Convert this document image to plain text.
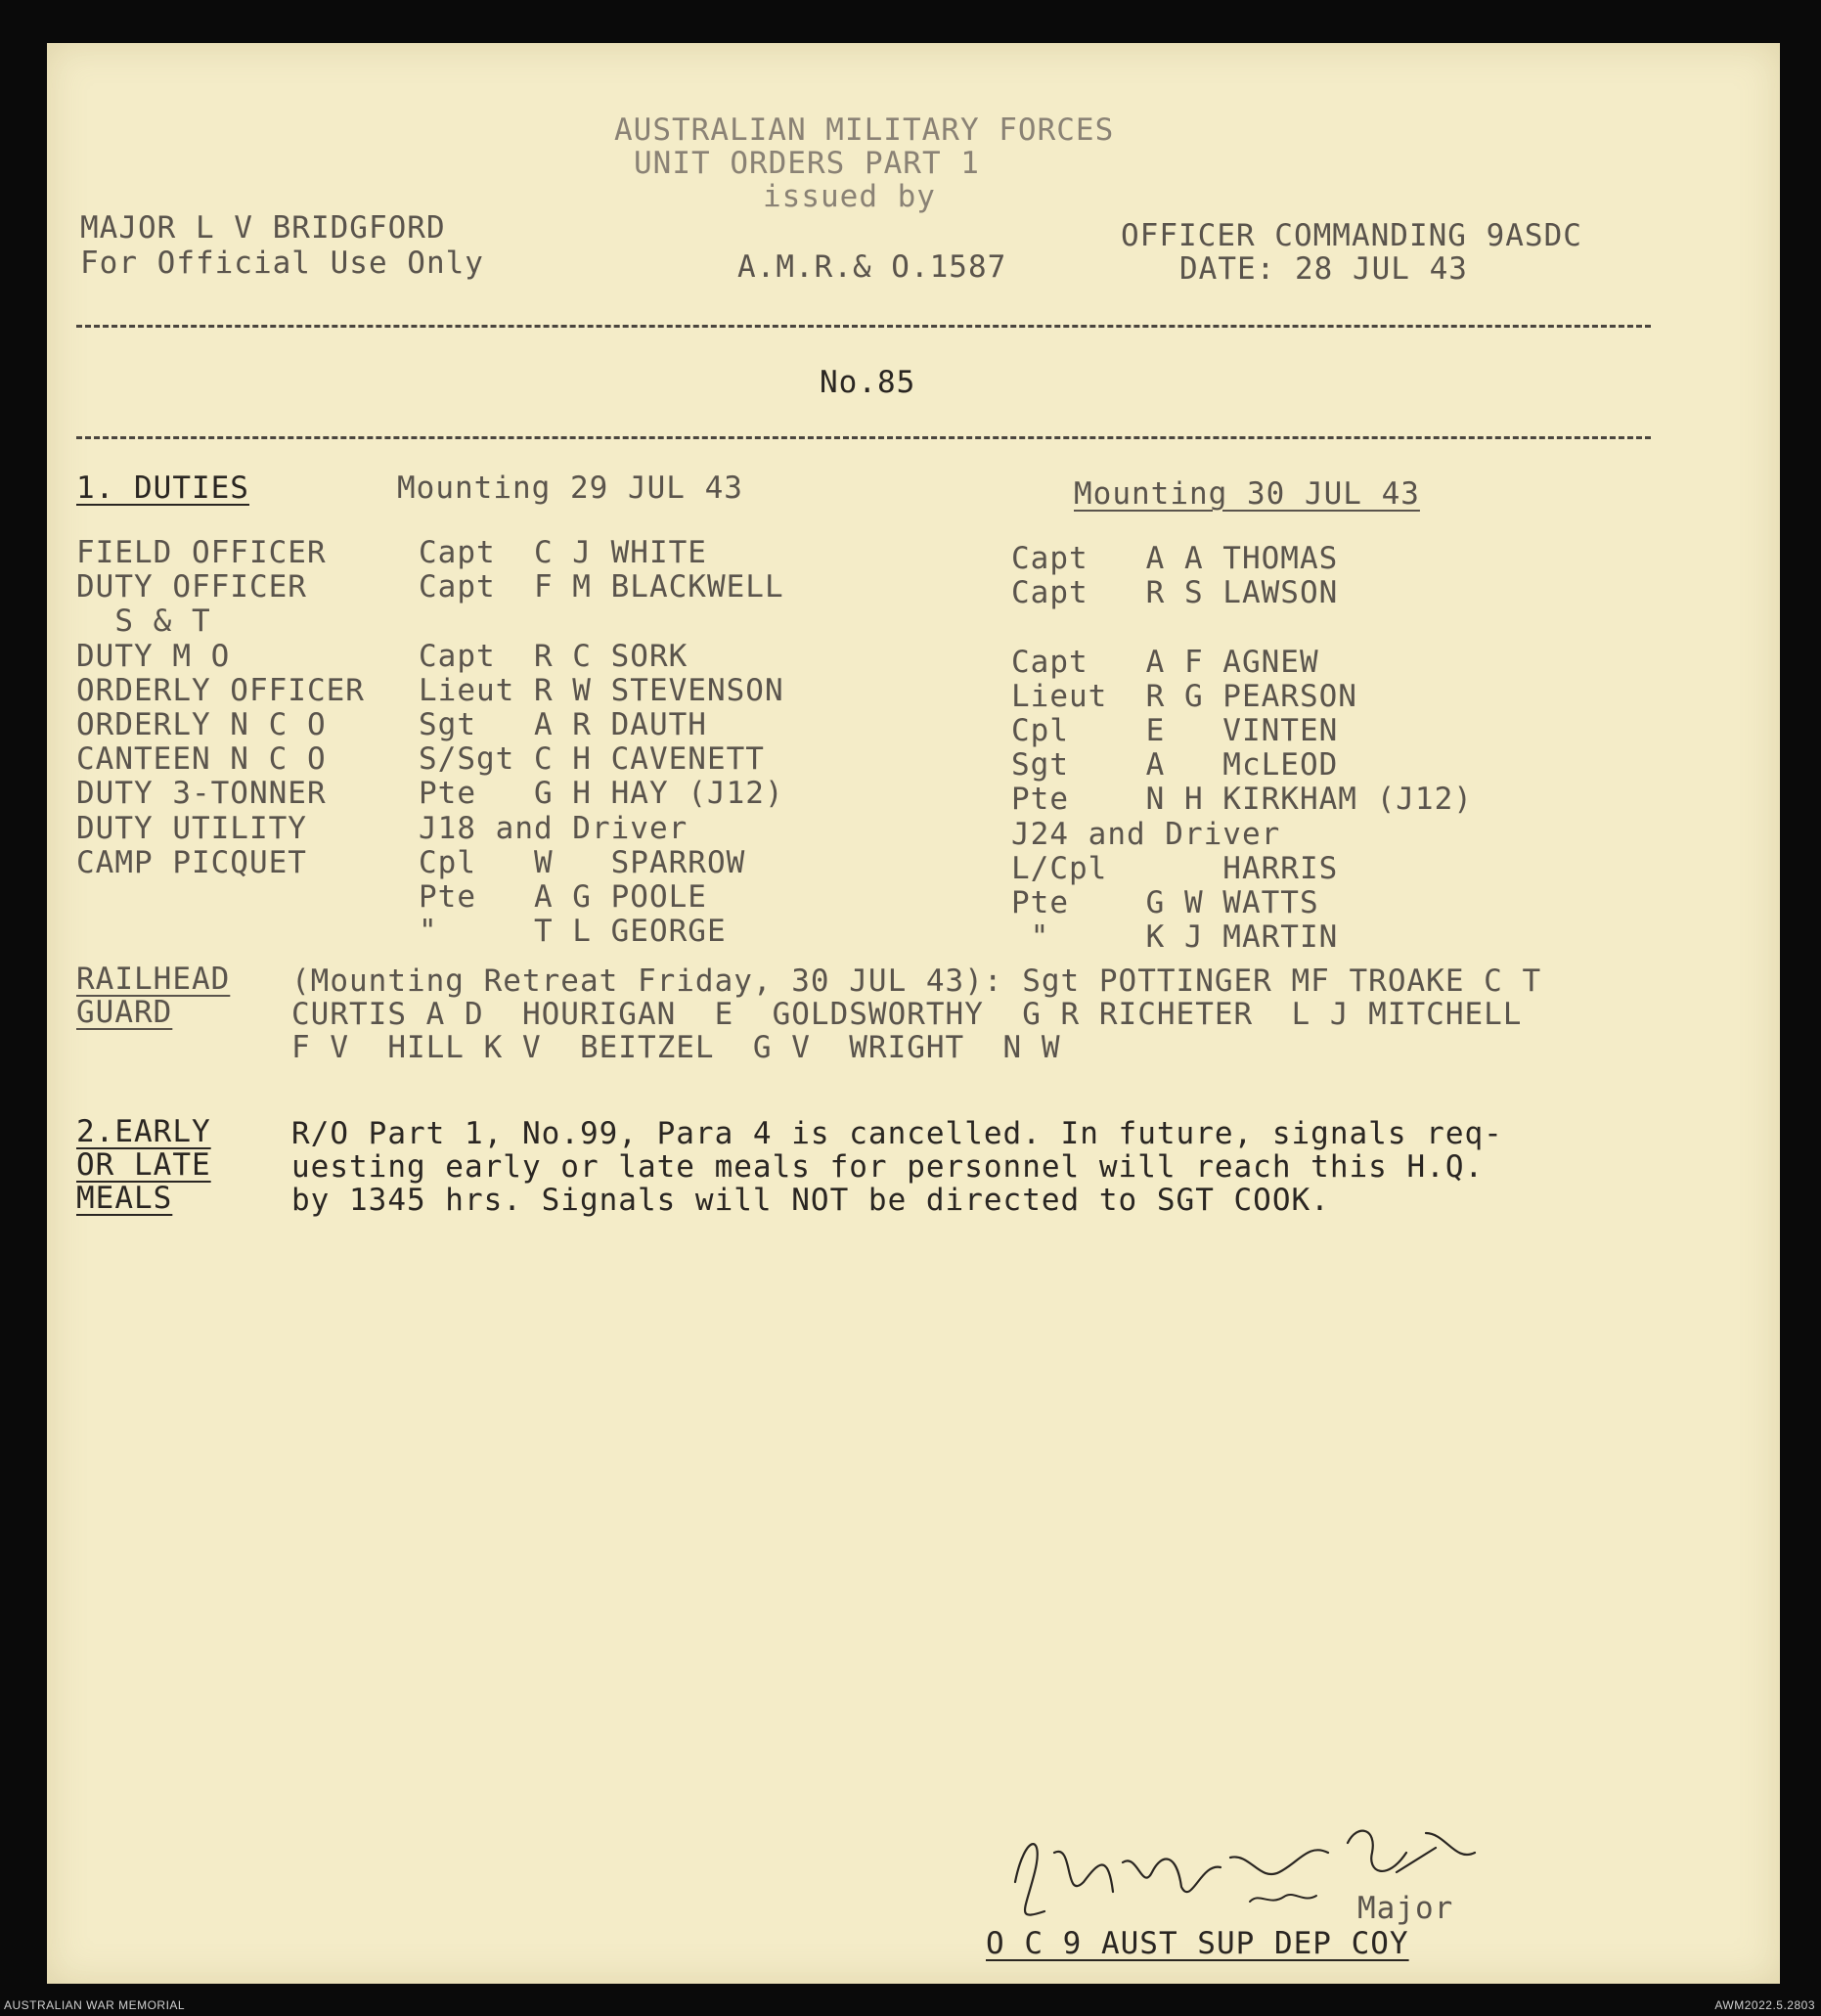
AUSTRALIAN MILITARY FORCES
UNIT ORDERS PART 1
issued by
MAJOR L V BRIDGFORD
For Official Use Only	A.M.R.& O.1587
OFFICER COMMANDING 9ASDC
DATE: 28 JUL 43
No.85
1. DUTIES	Mounting 29 JUL 43	Mounting 30 JUL 43
FIELD OFFICER	Capt  C J WHITE	Capt   A A THOMAS
DUTY OFFICER	Capt  F M BLACKWELL	Capt   R S LAWSON
S & T
DUTY M O	Capt  R C SORK	Capt   A F AGNEW
ORDERLY OFFICER Lieut R W STEVENSON	Lieut  R G PEARSON
ORDERLY N C O	Sgt   A R DAUTH	Cpl    E   VINTEN
CANTEEN N C O	S/Sgt C H CAVENETT	Sgt    A   McLEOD
DUTY 3-TONNER	Pte   G H HAY (J12)	Pte    N H KIRKHAM (J12)
DUTY UTILITY	J18 and Driver	J24 and Driver
CAMP PICQUET	Cpl   W   SPARROW	L/Cpl      HARRIS
Pte   A G POOLE	Pte    G W WATTS
"     T L GEORGE	"     K J MARTIN
RAILHEAD
GUARD
(Mounting Retreat Friday, 30 JUL 43): Sgt POTTINGER MF TROAKE C T
CURTIS A D  HOURIGAN  E  GOLDSWORTHY  G R RICHETER  L J MITCHELL
F V  HILL K V  BEITZEL  G V  WRIGHT  N W
2.EARLY
OR LATE
MEALS
R/O Part 1, No.99, Para 4 is cancelled. In future, signals req-
uesting early or late meals for personnel will reach this H.Q.
by 1345 hrs. Signals will NOT be directed to SGT COOK.
Major
O C 9 AUST SUP DEP COY
AUSTRALIAN WAR MEMORIAL	AWM2022.5.2803
